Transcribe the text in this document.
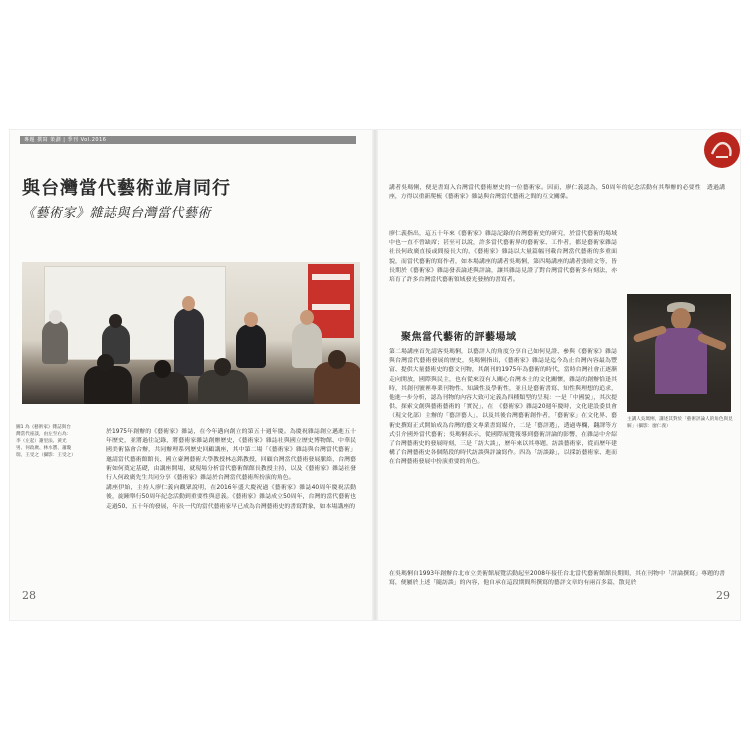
專題 撰寫 策劃 | 季刊 Vol.2016
與台灣當代藝術並肩同行
《藝術家》雜誌與台灣當代藝術
圖1 為《藝術家》雜誌與台灣當代座談，由左至右為：李（左起）謝里法、黃光男、何政廣、林水寶、蕭瓊瑞、王受之（攝影：王受之）

於1975年創辦的《藝術家》雜誌，在今年邁向創立的第五十週年慶。為慶祝雜誌創立邁進五十年歷史，並將過往記錄，將藝術家雜誌創辦歷史，《藝術家》雜誌社與國立歷史博物館、中華民國美術協會合辦，共同辦理系列歷史回顧講座，其中第二場「《藝術家》雜誌與台灣當代藝術」邀請當代藝術館館長、國立臺灣藝術大學教授林志銘教授，回顧台灣當代藝術發展脈絡，台灣藝術如何奠定基礎，由講座開場，就現場分析當代藝術館館長教授主持，以及《藝術家》雜誌社發行人何政廣先生共同分享《藝術家》雜誌於台灣當代藝術所扮演的角色。

講座伊始，主持人廖仁義向觀眾說明，在2016年盛大慶祝過《藝術家》雜誌40周年慶祝活動後，旋踵舉行50周年紀念活動到重要性與意義。《藝術家》雜誌成立50周年，台灣的當代藝術也走過50、五十年的發展，年長一代的當代藝術家早已成為台灣藝術史的書寫對象，如本場講座的

28

講者吳瑪悧，便是書寫入台灣當代藝術歷史的一位藝術家。因而，廖仁義認為，50周年的紀念活動有其舉辦的必要性　透過講座，方得以重新爬梳《藝術家》雜誌與台灣當代藝術之間的互文關係。

廖仁義指出，這五十年來《藝術家》雜誌記錄的台灣藝術史的研究，於當代藝術的場域中也一直不曾缺席；甚至可以說，許多當代藝術界的藝術家、工作者，都是藝術家雜誌社長何政廣直接或間接長大的，《藝術家》雜誌以大量篇幅刊載台灣當代藝術的多重面貌，而當代藝術的寫作者，如本場講座的講者吳瑪悧，第四場講座的講者張晴文等，皆長期於《藝術家》雜誌發表論述與評論，讓其雜誌見證了對台灣當代藝術多有刻法，亦培育了許多台灣當代藝術領域發光發熱的書寫者。

主講人吳瑪悧，講述其對於「藝術評論人的角色與見解」（攝影：廖仁義）
聚焦當代藝術的評藝場域

第二場講座首先請客吳瑪悧，以藝評人的角度分享自己如何見證、參與《藝術家》雜誌與台灣當代藝術發展的歷史，吳瑪悧指出，《藝術家》雜誌是迄今為止台灣內容最為豐富、提供大量藝術史的藝文刊物，其創刊的1975年為藝術的時代，當時台灣社會正逐漸走向開放，國際與民主，也有從來沒有人關心台灣本土的文化關懷，雜誌的創辦恰逢其時，其創刊號裡專業刊物性、知識性及學術性，並且是藝術書寫、知性與理想的追求，他進一步分析，認為刊物的內容大致可定義為四種類型的呈現：一是「中國貌」，其次提供、探索文創與藝術藝術的「實況」，在　《藝術家》雜誌20週年慶時，文化建設委員會（現文化部）主辦的「藝評藝人」，以及其後台灣藝術創作者，「藝術家」在文化界、藝術史撰寫正式開始成為台灣的藝文專業書寫媒介，二是「藝評選」，透過專欄，翻譯等方式引介國外當代藝術；吳瑪悧表示，從國際展覽報導到藝術評論的影響，在雜誌中介紹了台灣藝術史的發展時刻，三是「訪大談」，歷年來以其專題，訪談藝術家，從而歷年建構了台灣藝術史各個階段的時代訪談與評論寫作。四為「訪談錄」，以採訪藝術家、進而在台灣藝術發展中扮演重要的角色。

在吳瑪悧自1993年創辦台北市立美術館展覽活動起至2008年接任台北當代藝術館館長期間，其在刊物中「評論撰寫」專題的書寫，便屬於上述「隨訪談」的內容，他自承在這段期間所撰寫的藝評文章約有兩百多篇，散見於

29
